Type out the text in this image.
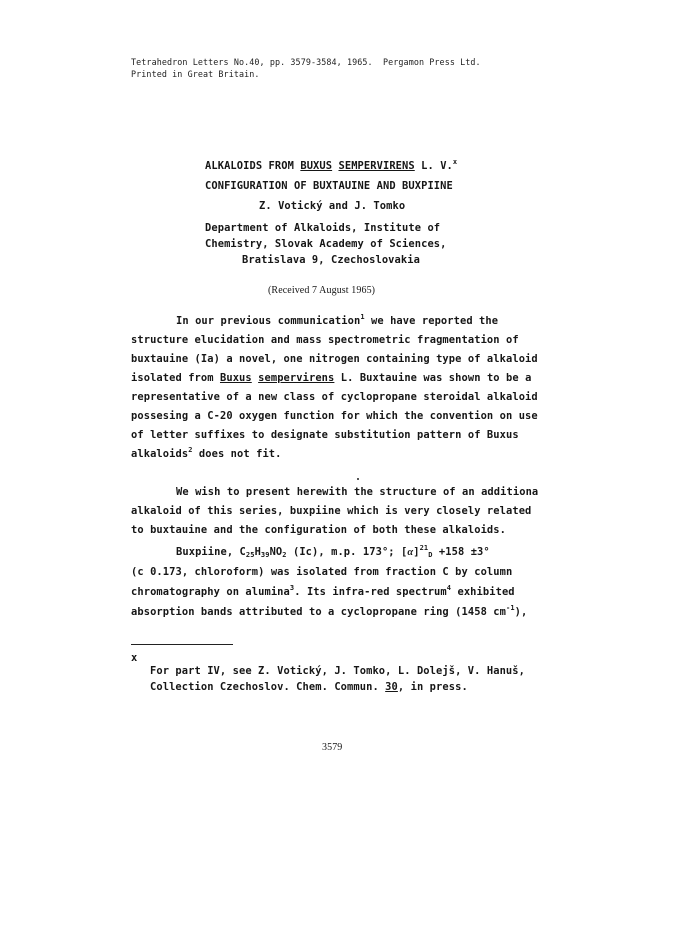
Tetrahedron Letters No.40, pp. 3579-3584, 1965. Pergamon Press Ltd.
Printed in Great Britain.
ALKALOIDS FROM BUXUS SEMPERVIRENS L. V.$^x$
CONFIGURATION OF BUXTAUINE AND BUXPIINE
Z. Votický and J. Tomko
Department of Alkaloids, Institute of
Chemistry, Slovak Academy of Sciences,
Bratislava 9, Czechoslovakia
(Received 7 August 1965)
In our previous communication$^1$ we have reported the
structure elucidation and mass spectrometric fragmentation of
buxtauine (Ia) a novel, one nitrogen containing type of alkaloid
isolated from Buxus sempervirens L. Buxtauine was shown to be a
representative of a new class of cyclopropane steroidal alkaloid
possesing a C-20 oxygen function for which the convention on use
of letter suffixes to designate substitution pattern of Buxus
alkaloids$^2$ does not fit.
We wish to present herewith the structure of an additiona
alkaloid of this series, buxpiine which is very closely related
to buxtauine and the configuration of both these alkaloids.
Buxpiine, $C_{25}H_{39}NO_2$ (Ic), m.p. 173°; $[\alpha]^{21}_D +158 \pm 3^\circ$
(c 0.173, chloroform) was isolated from fraction C by column
chromatography on alumina$^3$. Its infra-red spectrum$^4$ exhibited
absorption bands attributed to a cyclopropane ring (1458 $cm^{-1}$),
x
For part IV, see Z. Votický, J. Tomko, L. Dolejš, V. Hanuš,
Collection Czechoslov. Chem. Commun. 30, in press.
3579
